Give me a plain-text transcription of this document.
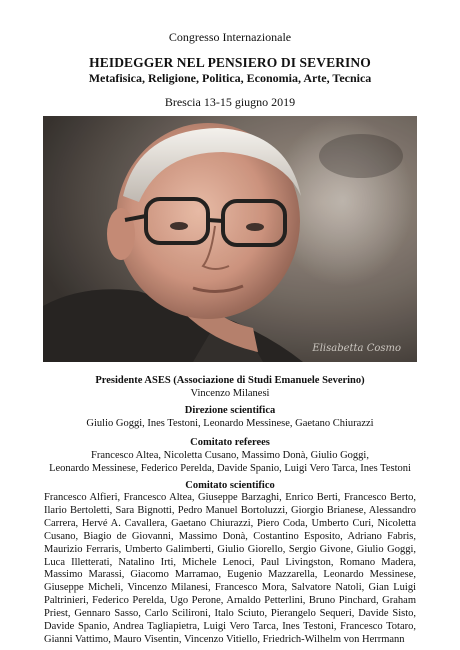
Congresso Internazionale
HEIDEGGER NEL PENSIERO DI SEVERINO
Metafisica, Religione, Politica, Economia, Arte, Tecnica
Brescia 13-15 giugno 2019
Elisabetta Cosmo
Presidente ASES (Associazione di Studi Emanuele Severino)
Vincenzo Milanesi
Direzione scientifica
Giulio Goggi, Ines Testoni, Leonardo Messinese, Gaetano Chiurazzi
Comitato referees
Francesco Altea, Nicoletta Cusano, Massimo Donà, Giulio Goggi,
Leonardo Messinese, Federico Perelda, Davide Spanio, Luigi Vero Tarca, Ines Testoni
Comitato scientifico
Francesco Alfieri, Francesco Altea, Giuseppe Barzaghi, Enrico Berti, Francesco Berto, Ilario Bertoletti, Sara Bignotti, Pedro Manuel Bortoluzzi, Giorgio Brianese, Alessandro Carrera, Hervé A. Cavallera, Gaetano Chiurazzi, Piero Coda, Umberto Curi, Nicoletta Cusano, Biagio de Giovanni, Massimo Donà, Costantino Esposito, Adriano Fabris, Maurizio Ferraris, Umberto Galimberti, Giulio Giorello, Sergio Givone, Giulio Goggi, Luca Illetterati, Natalino Irti, Michele Lenoci, Paul Livingston, Romano Madera, Massimo Marassi, Giacomo Marramao, Eugenio Mazzarella, Leonardo Messinese, Giuseppe Micheli, Vincenzo Milanesi, Francesco Mora, Salvatore Natoli, Gian Luigi Paltrinieri, Federico Perelda, Ugo Perone, Arnaldo Petterlini, Bruno Pinchard, Graham Priest, Gennaro Sasso, Carlo Scilironi, Italo Sciuto, Pierangelo Sequeri, Davide Sisto, Davide Spanio, Andrea Tagliapietra, Luigi Vero Tarca, Ines Testoni, Francesco Totaro, Gianni Vattimo, Mauro Visentin, Vincenzo Vitiello, Friedrich-Wilhelm von Herrmann
